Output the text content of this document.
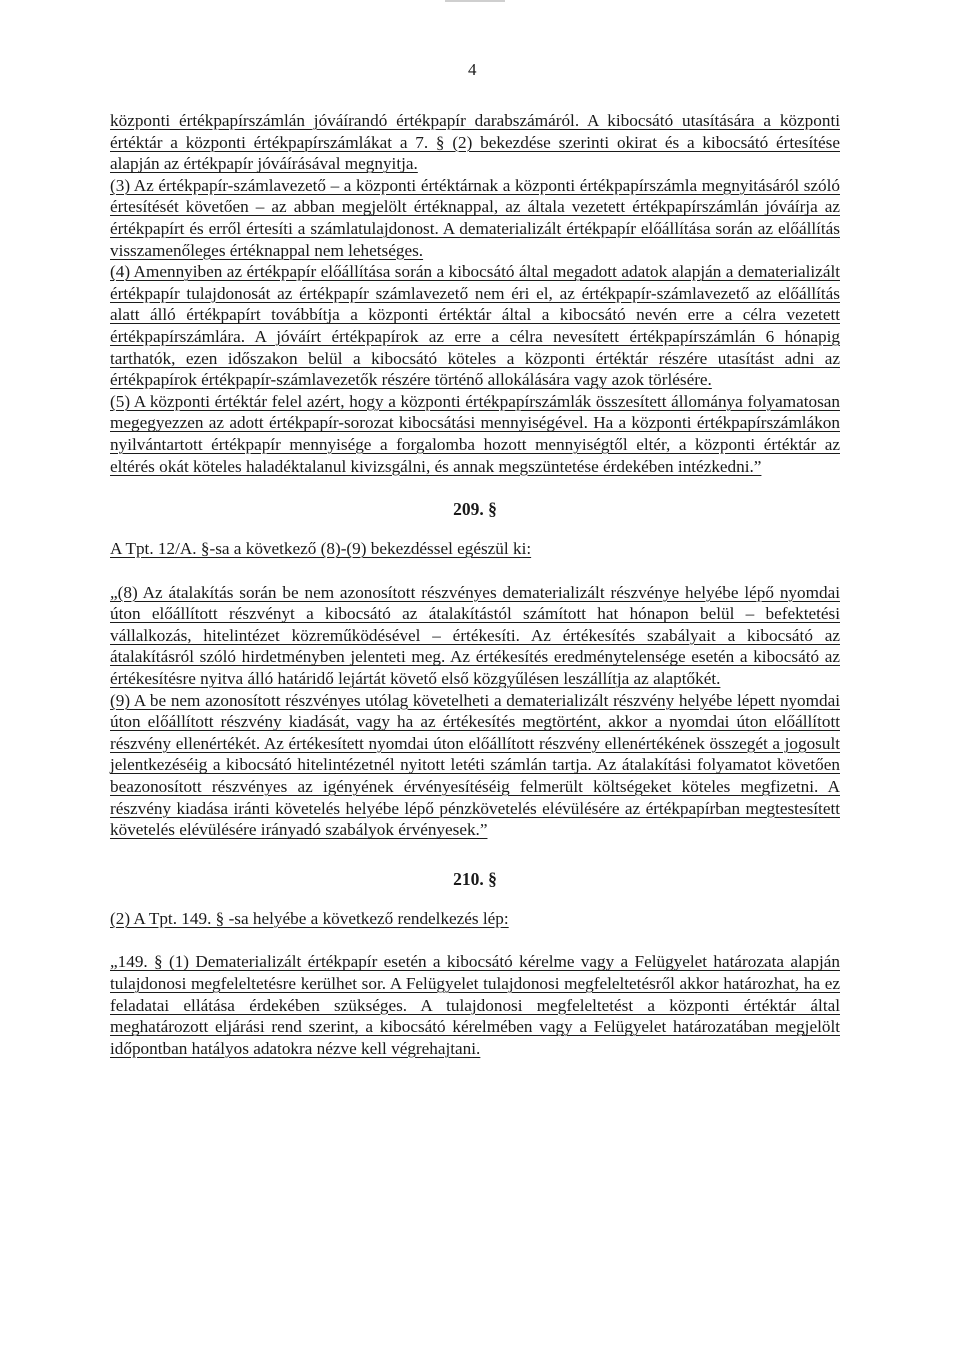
4

központi értékpapírszámlán jóváírandó értékpapír darabszámáról. A kibocsátó utasítására a központi értéktár a központi értékpapírszámlákat a 7. § (2) bekezdése szerinti okirat és a kibocsátó értesítése alapján az értékpapír jóváírásával megnyitja.

(3) Az értékpapír-számlavezető – a központi értéktárnak a központi értékpapírszámla megnyitásáról szóló értesítését követően – az abban megjelölt értéknappal, az általa vezetett értékpapírszámlán jóváírja az értékpapírt és erről értesíti a számlatulajdonost. A dematerializált értékpapír előállítása során az előállítás visszamenőleges értéknappal nem lehetséges.

(4) Amennyiben az értékpapír előállítása során a kibocsátó által megadott adatok alapján a dematerializált értékpapír tulajdonosát az értékpapír számlavezető nem éri el, az értékpapír-számlavezető az előállítás alatt álló értékpapírt továbbítja a központi értéktár által a kibocsátó nevén erre a célra vezetett értékpapírszámlára. A jóváírt értékpapírok az erre a célra nevesített értékpapírszámlán 6 hónapig tarthatók, ezen időszakon belül a kibocsátó köteles a központi értéktár részére utasítást adni az értékpapírok értékpapír-számlavezetők részére történő allokálására vagy azok törlésére.

(5) A központi értéktár felel azért, hogy a központi értékpapírszámlák összesített állománya folyamatosan megegyezzen az adott értékpapír-sorozat kibocsátási mennyiségével. Ha a központi értékpapírszámlákon nyilvántartott értékpapír mennyisége a forgalomba hozott mennyiségtől eltér, a központi értéktár az eltérés okát köteles haladéktalanul kivizsgálni, és annak megszüntetése érdekében intézkedni.”

209. §

A Tpt. 12/A. §-sa a következő (8)-(9) bekezdéssel egészül ki:

„(8) Az átalakítás során be nem azonosított részvényes dematerializált részvénye helyébe lépő nyomdai úton előállított részvényt a kibocsátó az átalakítástól számított hat hónapon belül – befektetési vállalkozás, hitelintézet közreműködésével – értékesíti. Az értékesítés szabályait a kibocsátó az átalakításról szóló hirdetményben jelenteti meg. Az értékesítés eredménytelensége esetén a kibocsátó az értékesítésre nyitva álló határidő lejártát követő első közgyűlésen leszállítja az alaptőkét.

(9) A be nem azonosított részvényes utólag követelheti a dematerializált részvény helyébe lépett nyomdai úton előállított részvény kiadását, vagy ha az értékesítés megtörtént, akkor a nyomdai úton előállított részvény ellenértékét. Az értékesített nyomdai úton előállított részvény ellenértékének összegét a jogosult jelentkezéséig a kibocsátó hitelintézetnél nyitott letéti számlán tartja. Az átalakítási folyamatot követően beazonosított részvényes az igényének érvényesítéséig felmerült költségeket köteles megfizetni. A részvény kiadása iránti követelés helyébe lépő pénzkövetelés elévülésére az értékpapírban megtestesített követelés elévülésére irányadó szabályok érvényesek.”

210. §

(2) A Tpt. 149. § -sa helyébe a következő rendelkezés lép:

„149. § (1) Dematerializált értékpapír esetén a kibocsátó kérelme vagy a Felügyelet határozata alapján tulajdonosi megfeleltetésre kerülhet sor. A Felügyelet tulajdonosi megfeleltetésről akkor határozhat, ha ez feladatai ellátása érdekében szükséges. A tulajdonosi megfeleltetést a központi értéktár által meghatározott eljárási rend szerint, a kibocsátó kérelmében vagy a Felügyelet határozatában megjelölt időpontban hatályos adatokra nézve kell végrehajtani.
